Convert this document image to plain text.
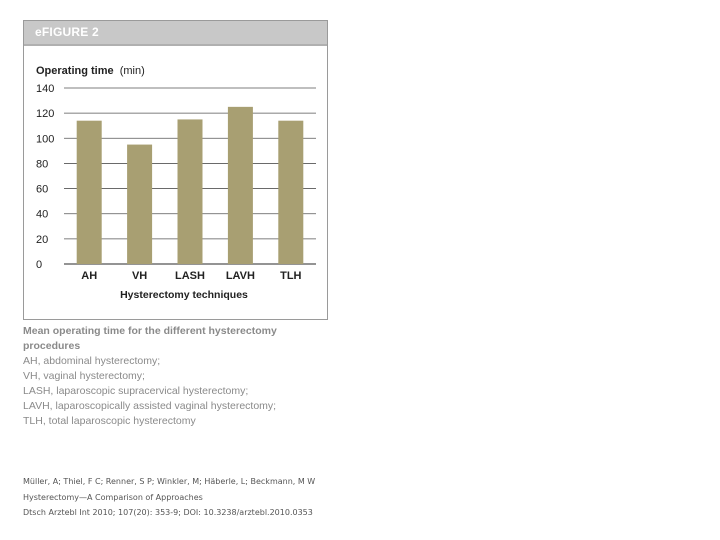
eFIGURE 2
Operating time (min)
0
20
40
60
80
100
120
140
AH	VH	LASH LAVH TLH
Hysterectomy techniques
Mean operating time for the different hysterectomy
procedures
AH, abdominal hysterectomy;
VH, vaginal hysterectomy;
LASH, laparoscopic supracervical hysterectomy;
LAVH, laparoscopically assisted vaginal hysterectomy;
TLH, total laparoscopic hysterectomy
Müller, A; Thiel, F C; Renner, S P; Winkler, M; Häberle, L; Beckmann, M W
Hysterectomy—A Comparison of Approaches
Dtsch Arztebl Int 2010; 107(20): 353-9; DOI: 10.3238/arztebl.2010.0353
